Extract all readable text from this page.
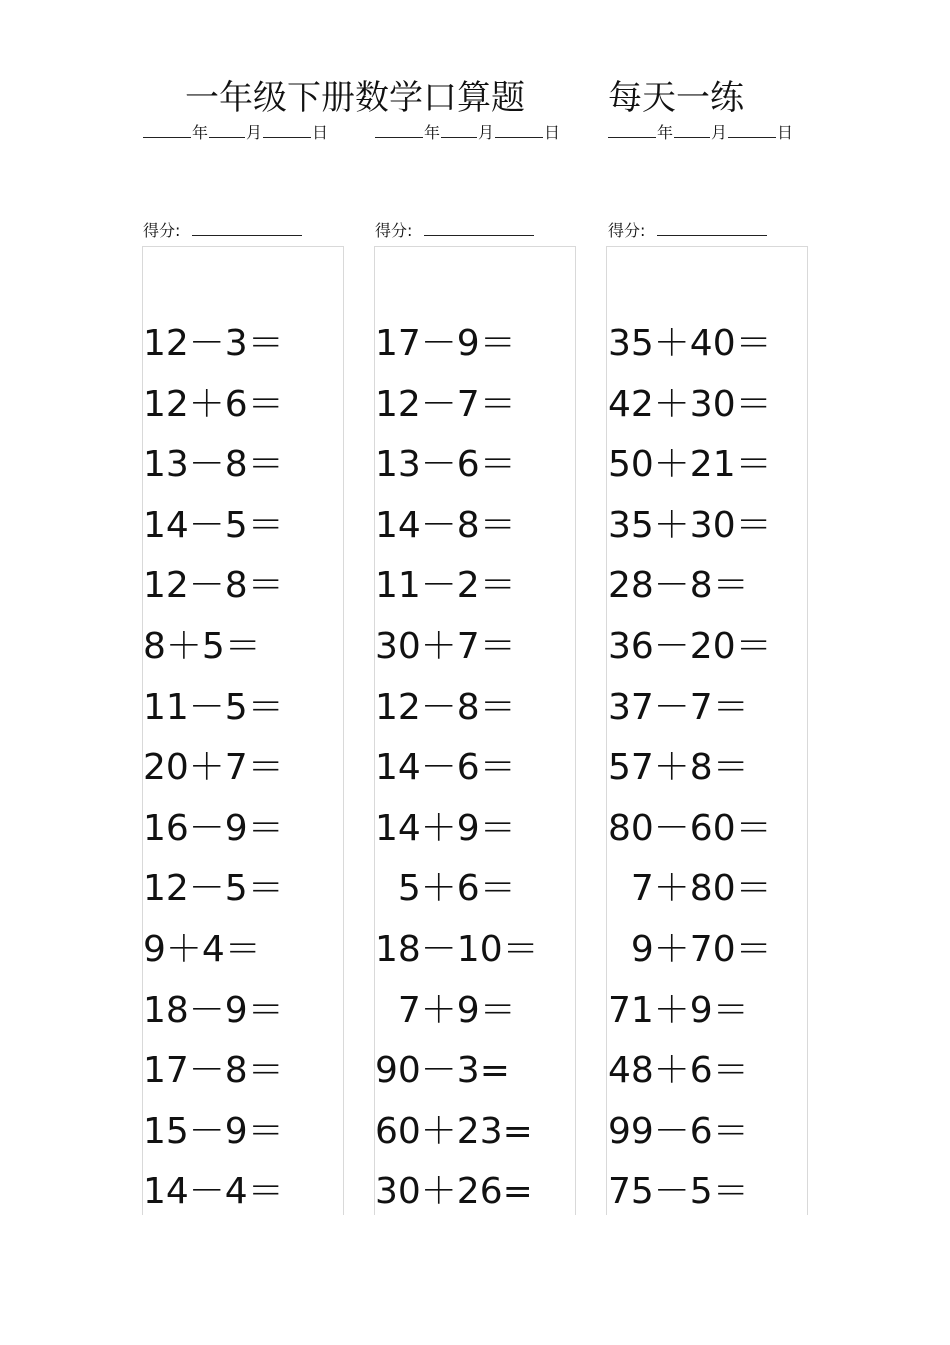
一年级下册数学口算题 每天一练
年 月	日	年 月	日	年 月	日
得分:	得分:	得分:
12－3＝
12＋6＝
13－8＝
14－5＝
12－8＝
8＋5＝
11－5＝
20＋7＝
16－9＝
12－5＝
9＋4＝
18－9＝
17－8＝
15－9＝
14－4＝
17－9＝
12－7＝
13－6＝
14－8＝
11－2＝
30＋7＝
12－8＝
14－6＝
14＋9＝
5＋6＝
18－10＝
7＋9＝
90－3=
60＋23=
30＋26=
35＋40＝
42＋30＝
50＋21＝
35＋30＝
28－8＝
36－20＝
37－7＝
57＋8＝
80－60＝
7＋80＝
9＋70＝
71＋9＝
48＋6＝
99－6＝
75－5＝
